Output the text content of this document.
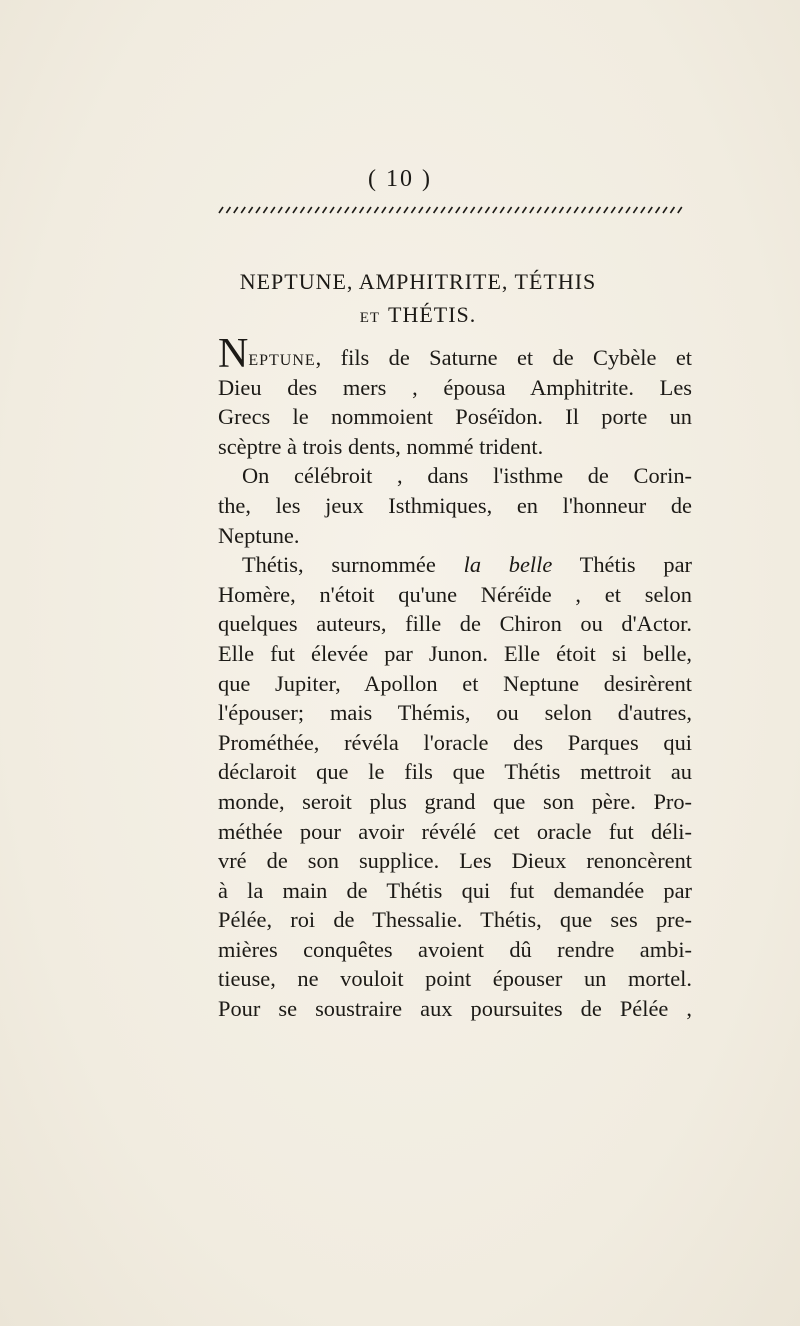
( 10 )
NEPTUNE, AMPHITRITE, TÉTHIS
ET THÉTIS.
Neptune, fils de Saturne et de Cybèle et
Dieu des mers , épousa Amphitrite. Les
Grecs le nommoient Poséïdon. Il porte un
scèptre à trois dents, nommé trident.
On célébroit , dans l'isthme de Corin-
the, les jeux Isthmiques, en l'honneur de
Neptune.
Thétis, surnommée la belle Thétis par
Homère, n'étoit qu'une Néréïde , et selon
quelques auteurs, fille de Chiron ou d'Actor.
Elle fut élevée par Junon. Elle étoit si belle,
que Jupiter, Apollon et Neptune desirèrent
l'épouser; mais Thémis, ou selon d'autres,
Prométhée, révéla l'oracle des Parques qui
déclaroit que le fils que Thétis mettroit au
monde, seroit plus grand que son père. Pro-
méthée pour avoir révélé cet oracle fut déli-
vré de son supplice. Les Dieux renoncèrent
à la main de Thétis qui fut demandée par
Pélée, roi de Thessalie. Thétis, que ses pre-
mières conquêtes avoient dû rendre ambi-
tieuse, ne vouloit point épouser un mortel.
Pour se soustraire aux poursuites de Pélée ,
